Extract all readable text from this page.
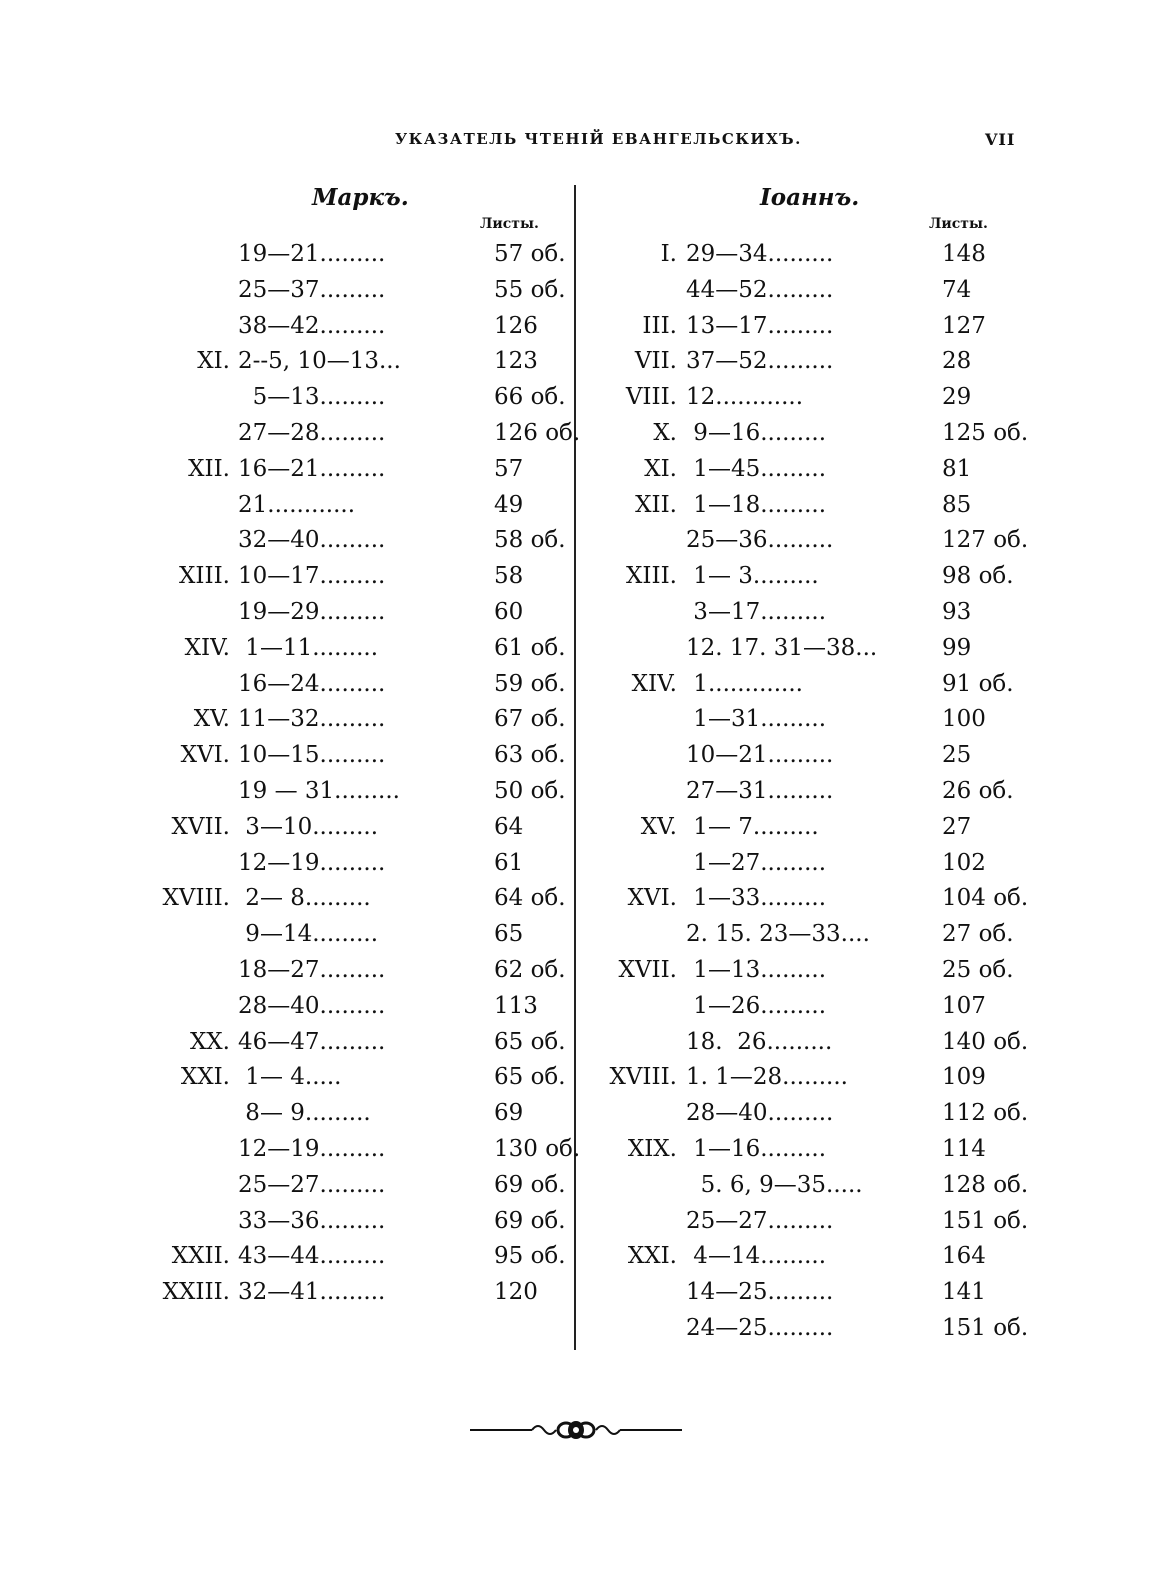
УКАЗАТЕЛЬ ЧТЕНІЙ ЕВАНГЕЛЬСКИХЪ.	VII
Маркъ.	Іоаннъ.
Листы.	Листы.
19—21.........	57 об.
25—37.........	55 об.
38—42.........	126
XI. 2--5, 10—13...	123
5—13.........	66 об.
27—28.........	126 об.
XII. 16—21.........	57
21............	49
32—40.........	58 об.
XIII. 10—17.........	58
19—29.........	60
XIV. 1—11.........	61 об.
16—24.........	59 об.
XV. 11—32.........	67 об.
XVI. 10—15.........	63 об.
19 — 31.........	50 об.
XVII. 3—10.........	64
12—19.........	61
XVIII. 2— 8.........	64 об.
9—14.........	65
18—27.........	62 об.
28—40.........	113
XX. 46—47.........	65 об.
XXI. 1— 4.....	65 об.
8— 9.........	69
12—19.........	130 об.
25—27.........	69 об.
33—36.........	69 об.
XXII. 43—44.........	95 об.
XXIII. 32—41.........	120
I. 29—34.........	148
44—52.........	74
III. 13—17.........	127
VII. 37—52.........	28
VIII. 12............	29
X. 9—16.........	125 об.
XI. 1—45.........	81
XII. 1—18.........	85
25—36.........	127 об.
XIII. 1— 3.........	98 об.
3—17.........	93
12. 17. 31—38...	99
XIV. 1.............	91 об.
1—31.........	100
10—21.........	25
27—31.........	26 об.
XV. 1— 7.........	27
1—27.........	102
XVI. 1—33.........	104 об.
2. 15. 23—33....	27 об.
XVII. 1—13.........	25 об.
1—26.........	107
18.  26.........	140 об.
XVIII. 1. 1—28.........	109
28—40.........	112 об.
XIX. 1—16.........	114
5. 6, 9—35.....	128 об.
25—27.........	151 об.
XXI. 4—14.........	164
14—25.........	141
24—25.........	151 об.
